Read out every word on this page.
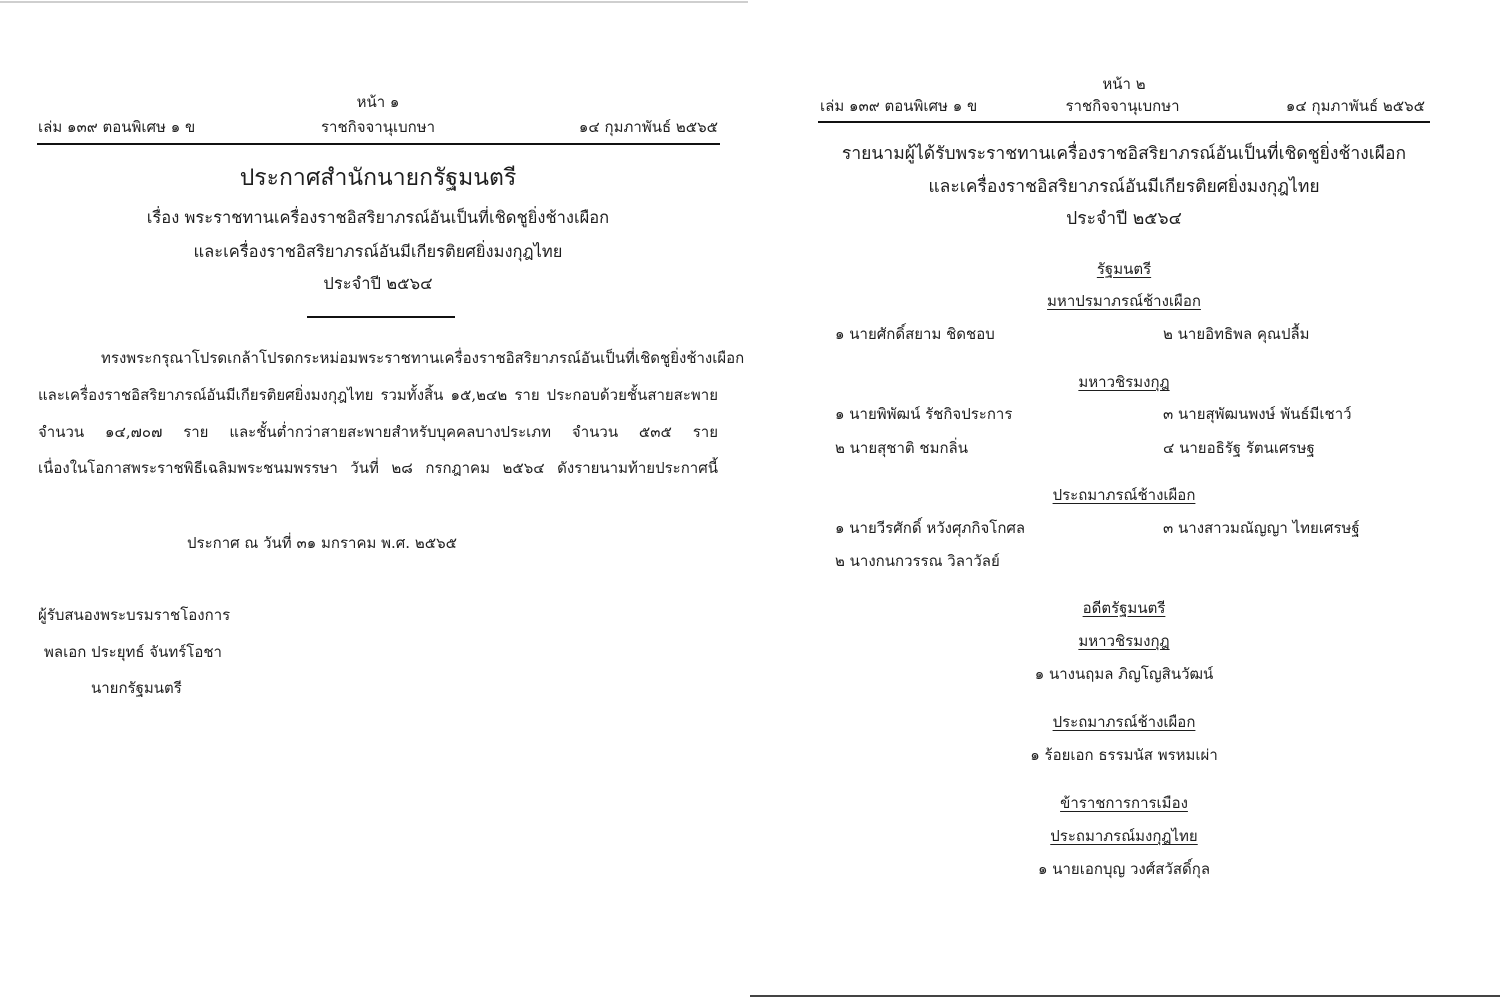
หน้า ๑
เล่ม ๑๓๙ ตอนพิเศษ ๑ ข	ราชกิจจานุเบกษา	๑๔ กุมภาพันธ์ ๒๕๖๕
ประกาศสำนักนายกรัฐมนตรี
เรื่อง พระราชทานเครื่องราชอิสริยาภรณ์อันเป็นที่เชิดชูยิ่งช้างเผือก
และเครื่องราชอิสริยาภรณ์อันมีเกียรติยศยิ่งมงกุฎไทย
ประจำปี ๒๕๖๔
ทรงพระกรุณาโปรดเกล้าโปรดกระหม่อมพระราชทานเครื่องราชอิสริยาภรณ์อันเป็นที่เชิดชูยิ่งช้างเผือก
และเครื่องราชอิสริยาภรณ์อันมีเกียรติยศยิ่งมงกุฎไทย รวมทั้งสิ้น ๑๕,๒๔๒ ราย ประกอบด้วยชั้นสายสะพาย
จำนวน ๑๔,๗๐๗ ราย และชั้นต่ำกว่าสายสะพายสำหรับบุคคลบางประเภท จำนวน ๕๓๕ ราย
เนื่องในโอกาสพระราชพิธีเฉลิมพระชนมพรรษา วันที่ ๒๘ กรกฎาคม ๒๕๖๔ ดังรายนามท้ายประกาศนี้
ประกาศ ณ วันที่ ๓๑ มกราคม พ.ศ. ๒๕๖๕
ผู้รับสนองพระบรมราชโองการ
พลเอก ประยุทธ์ จันทร์โอชา
นายกรัฐมนตรี
หน้า ๒
เล่ม ๑๓๙ ตอนพิเศษ ๑ ข	ราชกิจจานุเบกษา	๑๔ กุมภาพันธ์ ๒๕๖๕
รายนามผู้ได้รับพระราชทานเครื่องราชอิสริยาภรณ์อันเป็นที่เชิดชูยิ่งช้างเผือก
และเครื่องราชอิสริยาภรณ์อันมีเกียรติยศยิ่งมงกุฎไทย
ประจำปี ๒๕๖๔
รัฐมนตรี
มหาปรมาภรณ์ช้างเผือก
๑ นายศักดิ์สยาม ชิดชอบ	๒ นายอิทธิพล คุณปลื้ม
มหาวชิรมงกุฎ
๑ นายพิพัฒน์ รัชกิจประการ	๓ นายสุพัฒนพงษ์ พันธ์มีเชาว์
๒ นายสุชาติ ชมกลิ่น	๔ นายอธิรัฐ รัตนเศรษฐ
ประถมาภรณ์ช้างเผือก
๑ นายวีรศักดิ์ หวังศุภกิจโกศล	๓ นางสาวมณัญญา ไทยเศรษฐ์
๒ นางกนกวรรณ วิลาวัลย์
อดีตรัฐมนตรี
มหาวชิรมงกุฎ
๑ นางนฤมล ภิญโญสินวัฒน์
ประถมาภรณ์ช้างเผือก
๑ ร้อยเอก ธรรมนัส พรหมเผ่า
ข้าราชการการเมือง
ประถมาภรณ์มงกุฎไทย
๑ นายเอกบุญ วงศ์สวัสดิ์กุล
